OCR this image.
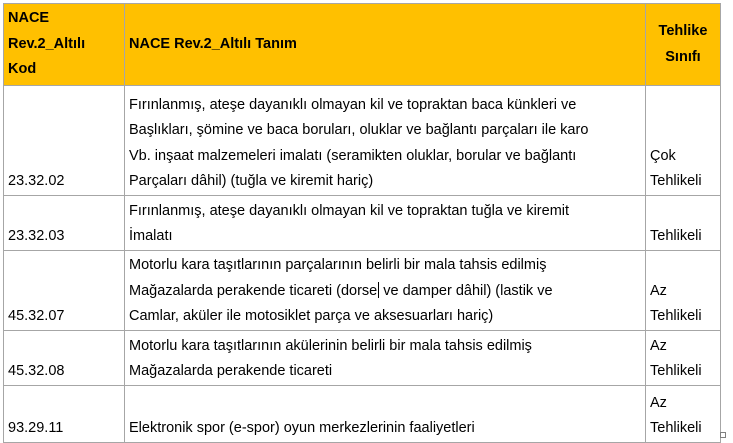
NACE
Rev.2_Altılı
Kod	NACE Rev.2_Altılı Tanım	Tehlike
Sınıfı

23.32.02	Fırınlanmış, ateşe dayanıklı olmayan kil ve topraktan baca künkleri ve
Başlıkları, şömine ve baca boruları, oluklar ve bağlantı parçaları ile karo
Vb. inşaat malzemeleri imalatı (seramikten oluklar, borular ve bağlantı
Parçaları dâhil) (tuğla ve kiremit hariç)	Çok
Tehlikeli

23.32.03	Fırınlanmış, ateşe dayanıklı olmayan kil ve topraktan tuğla ve kiremit
İmalatı	Tehlikeli

45.32.07	Motorlu kara taşıtlarının parçalarının belirli bir mala tahsis edilmiş
Mağazalarda perakende ticareti (dorse ve damper dâhil) (lastik ve
Camlar, aküler ile motosiklet parça ve aksesuarları hariç)	Az
Tehlikeli

45.32.08	Motorlu kara taşıtlarının akülerinin belirli bir mala tahsis edilmiş
Mağazalarda perakende ticareti	Az
Tehlikeli

93.29.11	Elektronik spor (e-spor) oyun merkezlerinin faaliyetleri	Az
Tehlikeli
